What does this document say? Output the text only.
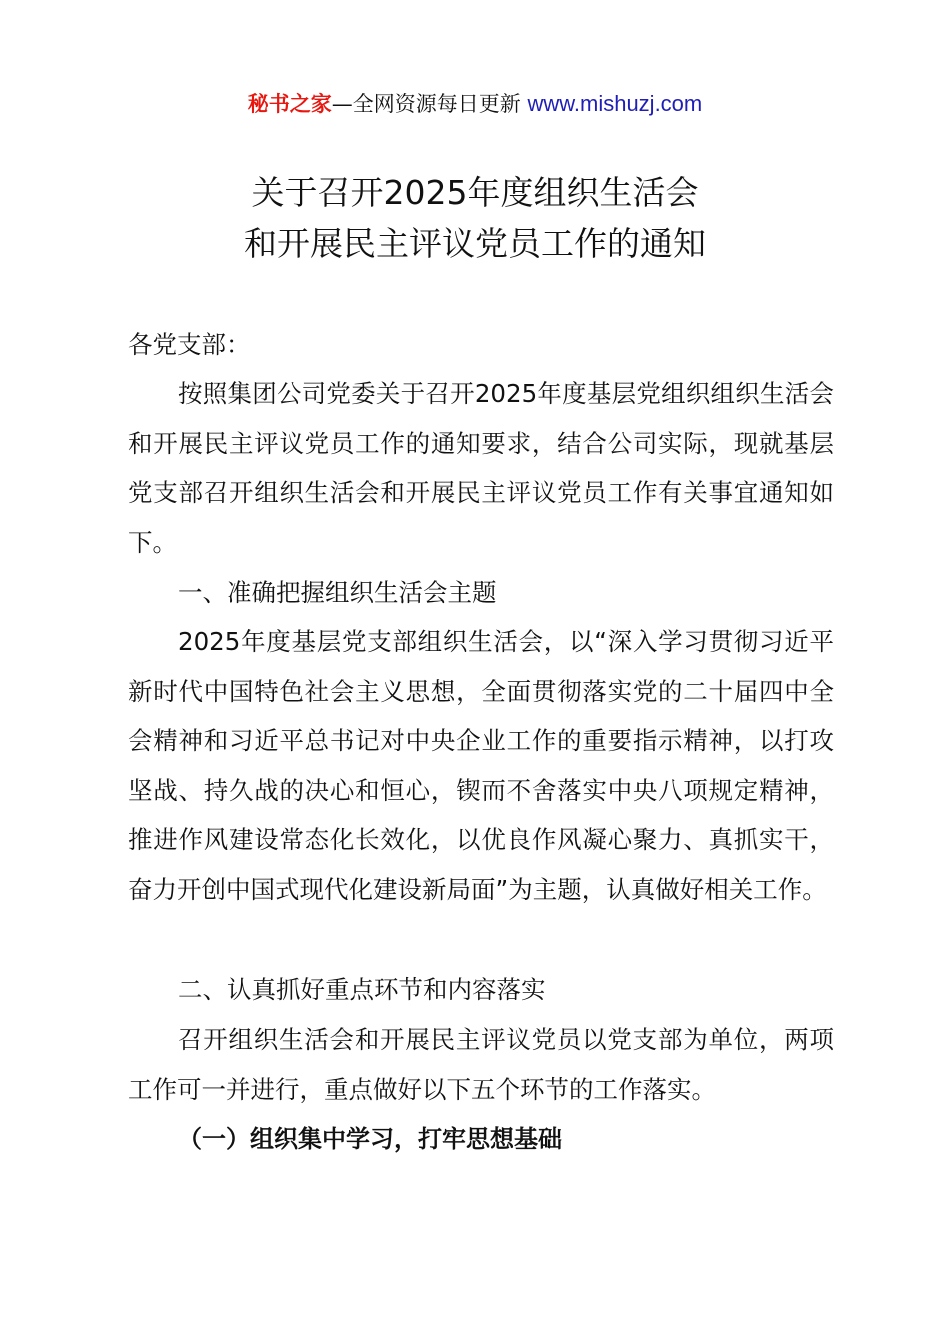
秘书之家—全网资源每日更新 www.mishuzj.com
关于召开2025年度组织生活会
和开展民主评议党员工作的通知
各党支部：
按照集团公司党委关于召开2025年度基层党组织组织生活会和开展民主评议党员工作的通知要求，结合公司实际，现就基层党支部召开组织生活会和开展民主评议党员工作有关事宜通知如下。
一、准确把握组织生活会主题
2025年度基层党支部组织生活会，以“深入学习贯彻习近平新时代中国特色社会主义思想，全面贯彻落实党的二十届四中全会精神和习近平总书记对中央企业工作的重要指示精神，以打攻坚战、持久战的决心和恒心，锲而不舍落实中央八项规定精神，推进作风建设常态化长效化，以优良作风凝心聚力、真抓实干，奋力开创中国式现代化建设新局面”为主题，认真做好相关工作。
二、认真抓好重点环节和内容落实
召开组织生活会和开展民主评议党员以党支部为单位，两项工作可一并进行，重点做好以下五个环节的工作落实。
（一）组织集中学习，打牢思想基础
